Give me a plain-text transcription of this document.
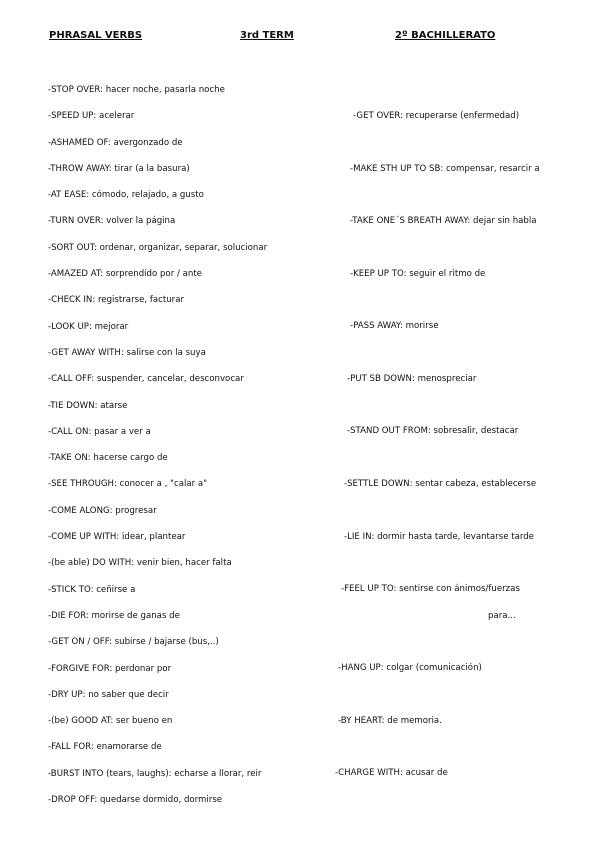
PHRASAL VERBS	3rd TERM	2º BACHILLERATO
-STOP OVER: hacer noche, pasarla noche
-SPEED UP: acelerar
-ASHAMED OF: avergonzado de
-THROW AWAY: tirar (a la basura)
-AT EASE: cómodo, relajado, a gusto
-TURN OVER: volver la página
-SORT OUT: ordenar, organizar, separar, solucionar
-AMAZED AT: sorprendido por / ante
-CHECK IN: registrarse, facturar
-LOOK UP: mejorar
-GET AWAY WITH: salirse con la suya
-CALL OFF: suspender, cancelar, desconvocar
-TIE DOWN: atarse
-CALL ON: pasar a ver a
-TAKE ON: hacerse cargo de
-SEE THROUGH: conocer a , "calar a"
-COME ALONG: progresar
-COME UP WITH: idear, plantear
-(be able) DO WITH: venir bien, hacer falta
-STICK TO: ceñirse a
-DIE FOR: morirse de ganas de
-GET ON / OFF: subirse / bajarse (bus,..)
-FORGIVE FOR: perdonar por
-DRY UP: no saber que decir
-(be) GOOD AT: ser bueno en
-FALL FOR: enamorarse de
-BURST INTO (tears, laughs): echarse a llorar, reir
-DROP OFF: quedarse dormido, dormirse
-GET OVER: recuperarse (enfermedad)
-MAKE STH UP TO SB: compensar, resarcir a
-TAKE ONE´S BREATH AWAY: dejar sin habla
-KEEP UP TO: seguir el ritmo de
-PASS AWAY: morirse
-PUT SB DOWN: menospreciar
-STAND OUT FROM: sobresalir, destacar
-SETTLE DOWN: sentar cabeza, establecerse
-LIE IN: dormir hasta tarde, levantarse tarde
-FEEL UP TO: sentirse con ánimos/fuerzas
para...
-HANG UP: colgar (comunicación)
-BY HEART: de memoria.
-CHARGE WITH: acusar de
